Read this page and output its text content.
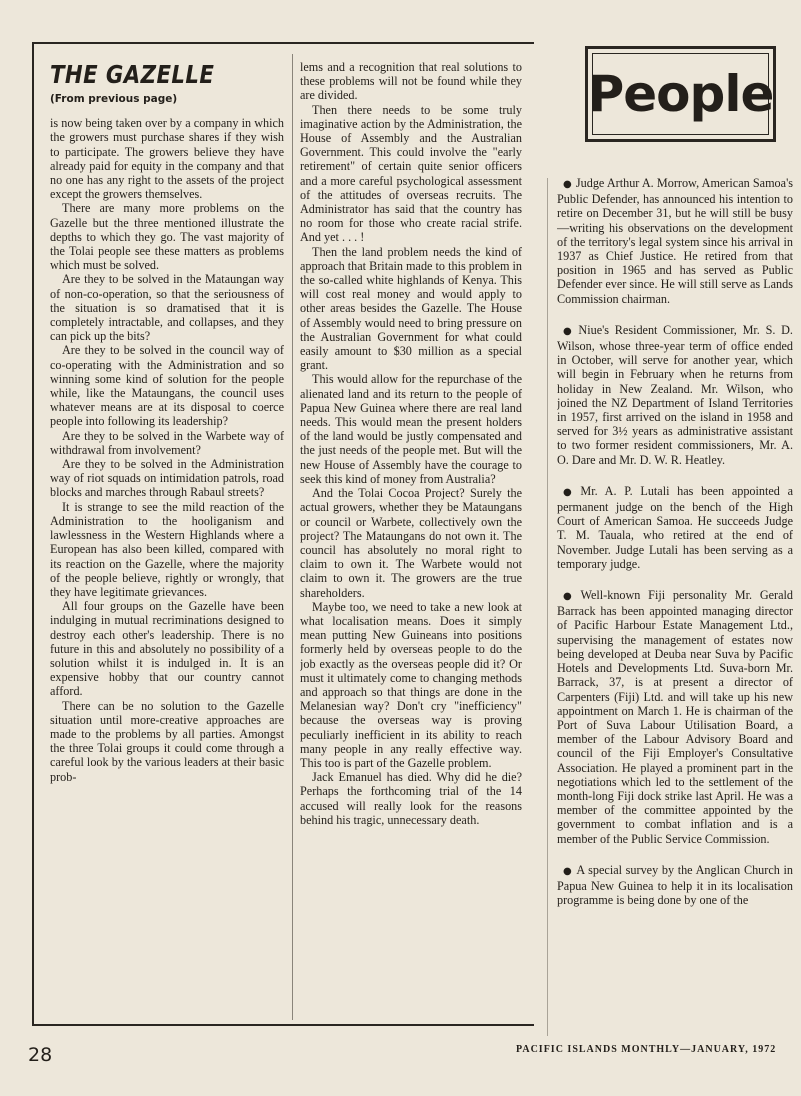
THE GAZELLE
(From previous page)

is now being taken over by a company in which the growers must purchase shares if they wish to participate. The growers believe they have already paid for equity in the company and that no one has any right to the assets of the project except the growers themselves.

There are many more problems on the Gazelle but the three mentioned illustrate the depths to which they go. The vast majority of the Tolai people see these matters as problems which must be solved.

Are they to be solved in the Mataungan way of non-co-operation, so that the seriousness of the situation is so dramatised that it is completely intractable, and collapses, and they can pick up the bits?

Are they to be solved in the council way of co-operating with the Administration and so winning some kind of solution for the people while, like the Mataungans, the council uses whatever means are at its disposal to coerce people into following its leadership?

Are they to be solved in the Warbete way of withdrawal from involvement?

Are they to be solved in the Administration way of riot squads on intimidation patrols, road blocks and marches through Rabaul streets?

It is strange to see the mild reaction of the Administration to the hooliganism and lawlessness in the Western Highlands where a European has also been killed, compared with its reaction on the Gazelle, where the majority of the people believe, rightly or wrongly, that they have legitimate grievances.

All four groups on the Gazelle have been indulging in mutual recriminations designed to destroy each other's leadership. There is no future in this and absolutely no possibility of a solution whilst it is indulged in. It is an expensive hobby that our country cannot afford.

There can be no solution to the Gazelle situation until more-creative approaches are made to the problems by all parties. Amongst the three Tolai groups it could come through a careful look by the various leaders at their basic prob-

lems and a recognition that real solutions to these problems will not be found while they are divided.

Then there needs to be some truly imaginative action by the Administration, the House of Assembly and the Australian Government. This could involve the "early retirement" of certain quite senior officers and a more careful psychological assessment of the attitudes of overseas recruits. The Administrator has said that the country has no room for those who create racial strife. And yet . . . !

Then the land problem needs the kind of approach that Britain made to this problem in the so-called white highlands of Kenya. This will cost real money and would apply to other areas besides the Gazelle. The House of Assembly would need to bring pressure on the Australian Government for what could easily amount to $30 million as a special grant.

This would allow for the repurchase of the alienated land and its return to the people of Papua New Guinea where there are real land needs. This would mean the present holders of the land would be justly compensated and the just needs of the people met. But will the new House of Assembly have the courage to seek this kind of money from Australia?

And the Tolai Cocoa Project? Surely the actual growers, whether they be Mataungans or council or Warbete, collectively own the project? The Mataungans do not own it. The council has absolutely no moral right to claim to own it. The Warbete would not claim to own it. The growers are the true shareholders.

Maybe too, we need to take a new look at what localisation means. Does it simply mean putting New Guineans into positions formerly held by overseas people to do the job exactly as the overseas people did it? Or must it ultimately come to changing methods and approach so that things are done in the Melanesian way? Don't cry "inefficiency" because the overseas way is proving peculiarly inefficient in its ability to reach many people in any really effective way. This too is part of the Gazelle problem.

Jack Emanuel has died. Why did he die? Perhaps the forthcoming trial of the 14 accused will really look for the reasons behind his tragic, unnecessary death.

People

● Judge Arthur A. Morrow, American Samoa's Public Defender, has announced his intention to retire on December 31, but he will still be busy—writing his observations on the development of the territory's legal system since his arrival in 1937 as Chief Justice. He retired from that position in 1965 and has served as Public Defender ever since. He will still serve as Lands Commission chairman.

● Niue's Resident Commissioner, Mr. S. D. Wilson, whose three-year term of office ended in October, will serve for another year, which will begin in February when he returns from holiday in New Zealand. Mr. Wilson, who joined the NZ Department of Island Territories in 1957, first arrived on the island in 1958 and served for 3½ years as administrative assistant to two former resident commissioners, Mr. A. O. Dare and Mr. D. W. R. Heatley.

● Mr. A. P. Lutali has been appointed a permanent judge on the bench of the High Court of American Samoa. He succeeds Judge T. M. Tauala, who retired at the end of November. Judge Lutali has been serving as a temporary judge.

● Well-known Fiji personality Mr. Gerald Barrack has been appointed managing director of Pacific Harbour Estate Management Ltd., supervising the management of estates now being developed at Deuba near Suva by Pacific Hotels and Developments Ltd. Suva-born Mr. Barrack, 37, is at present a director of Carpenters (Fiji) Ltd. and will take up his new appointment on March 1. He is chairman of the Port of Suva Labour Utilisation Board, a member of the Labour Advisory Board and council of the Fiji Employer's Consultative Association. He played a prominent part in the negotiations which led to the settlement of the month-long Fiji dock strike last April. He was a member of the committee appointed by the government to combat inflation and is a member of the Public Service Commission.

● A special survey by the Anglican Church in Papua New Guinea to help it in its localisation programme is being done by one of the

28	PACIFIC ISLANDS MONTHLY—JANUARY, 1972
